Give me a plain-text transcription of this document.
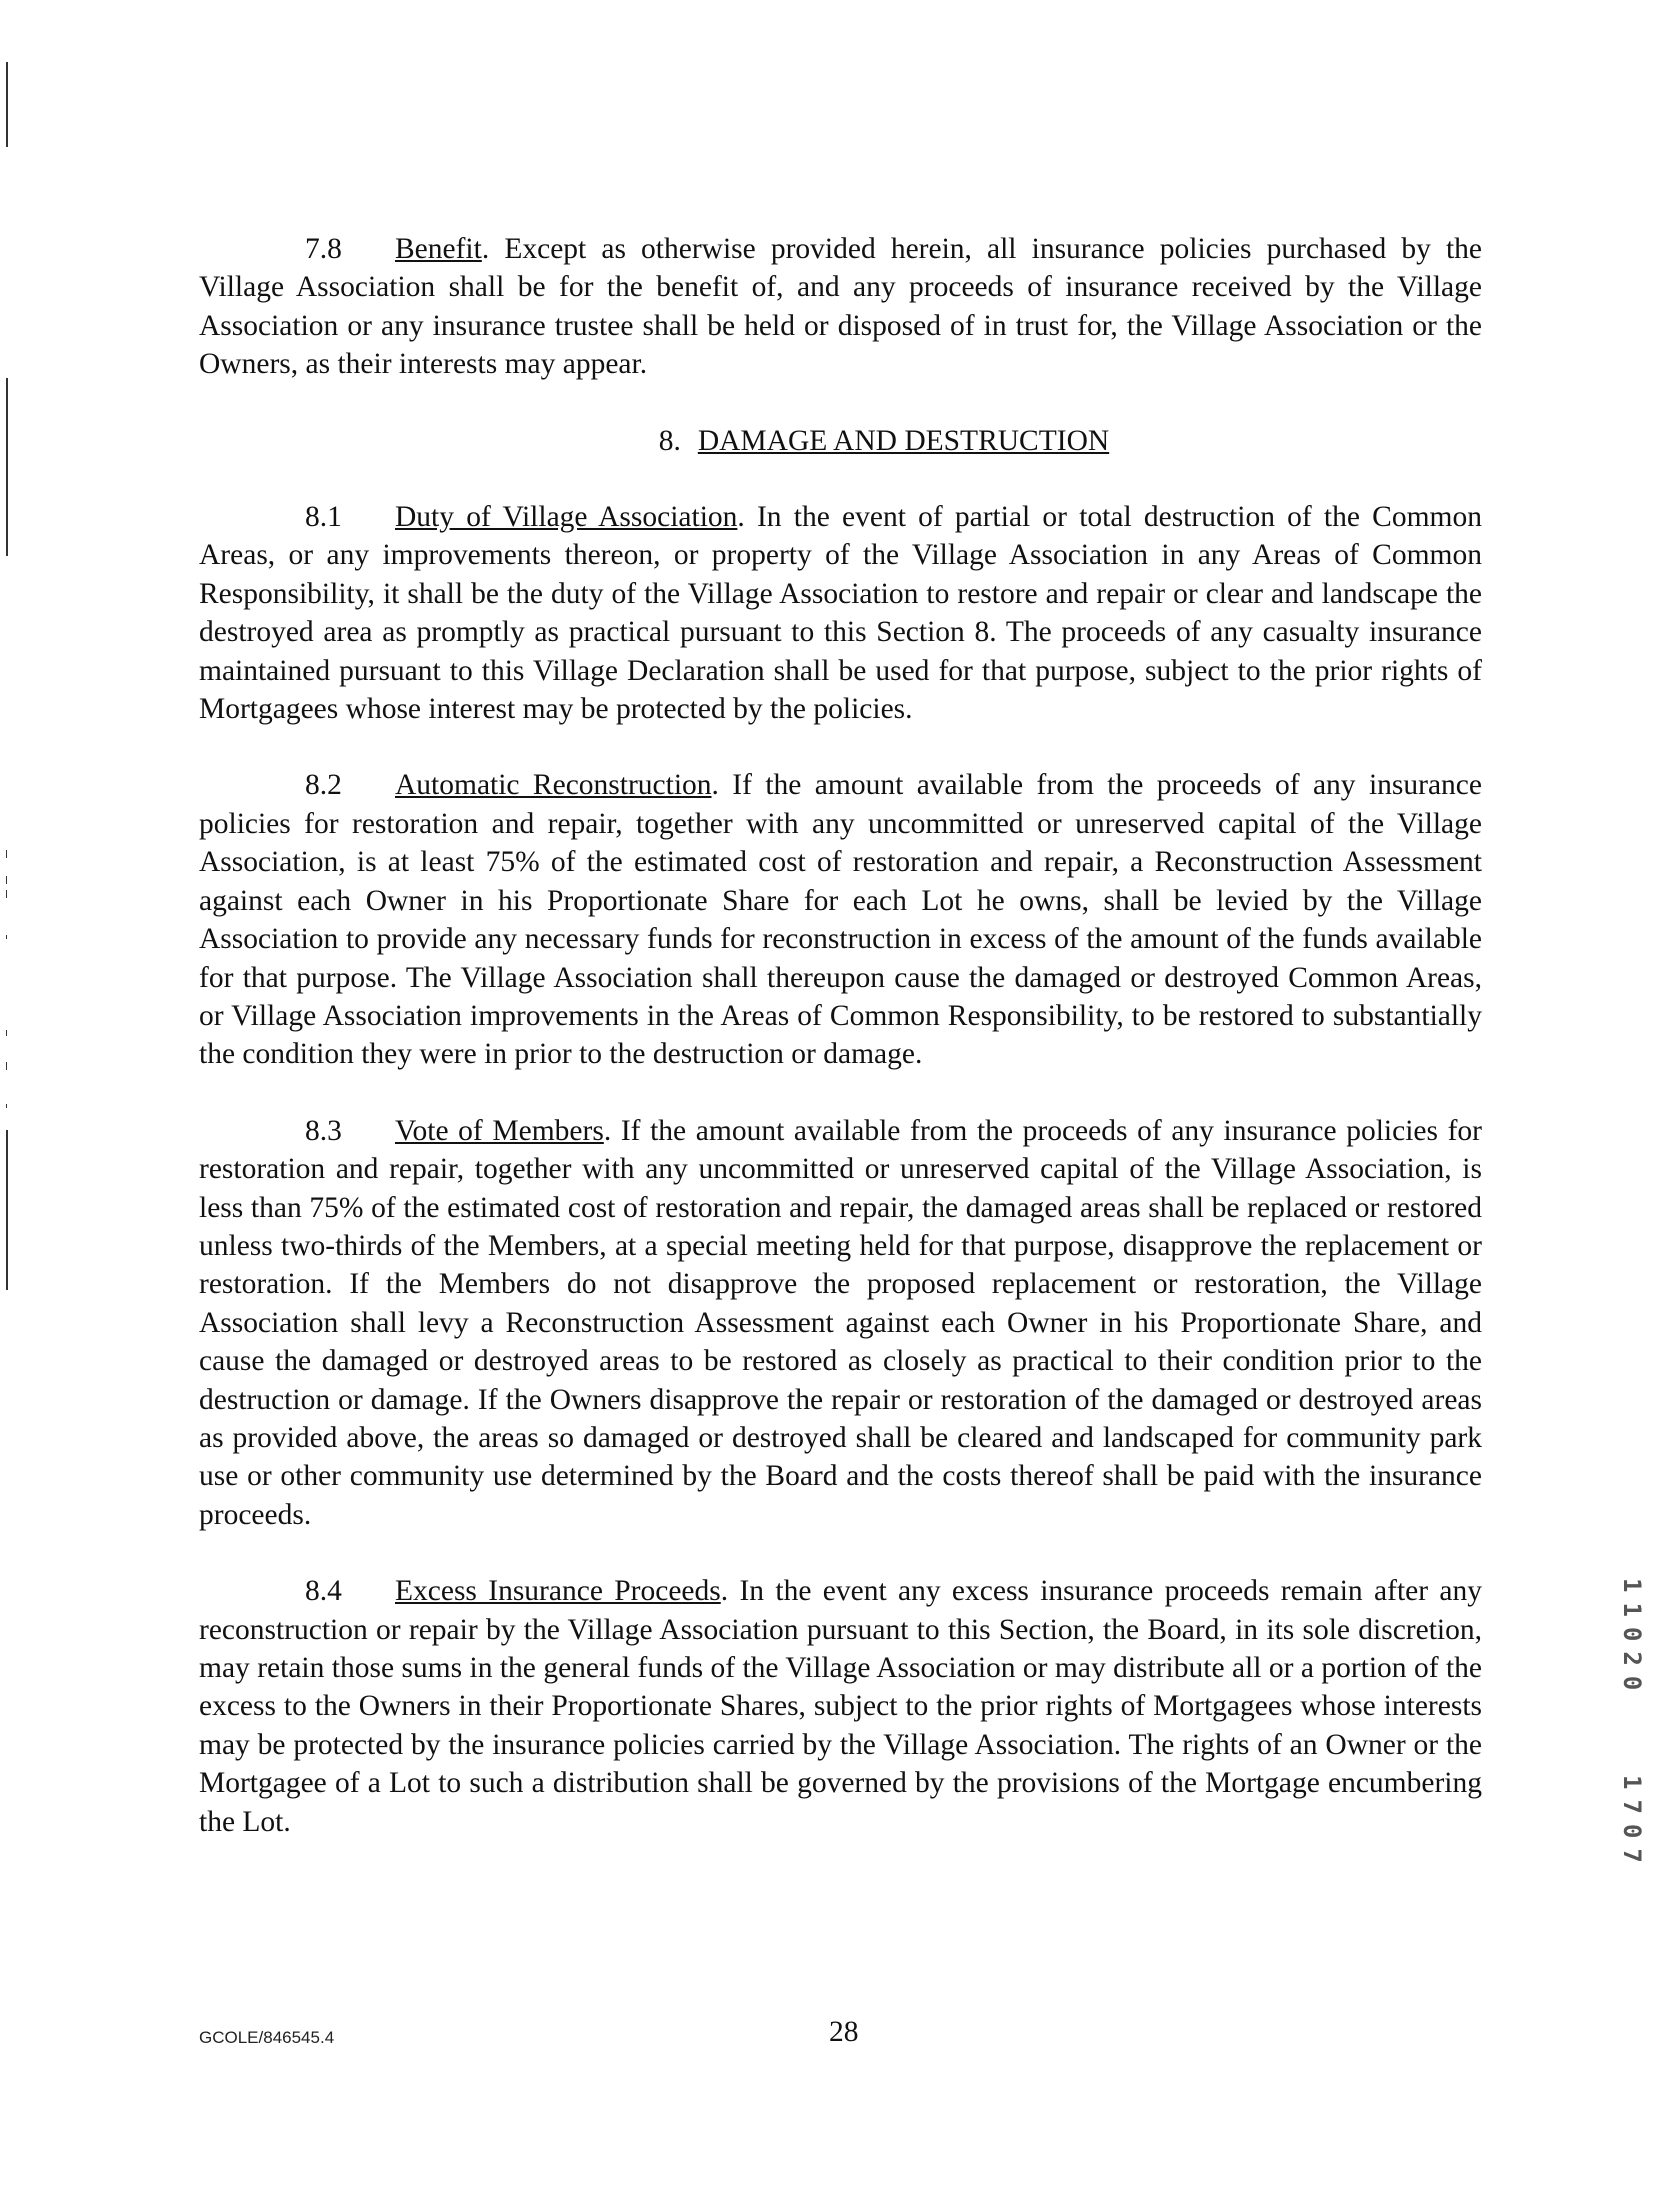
7.8 Benefit. Except as otherwise provided herein, all insurance policies purchased by the Village Association shall be for the benefit of, and any proceeds of insurance received by the Village Association or any insurance trustee shall be held or disposed of in trust for, the Village Association or the Owners, as their interests may appear.

8. DAMAGE AND DESTRUCTION

8.1 Duty of Village Association. In the event of partial or total destruction of the Common Areas, or any improvements thereon, or property of the Village Association in any Areas of Common Responsibility, it shall be the duty of the Village Association to restore and repair or clear and landscape the destroyed area as promptly as practical pursuant to this Section 8. The proceeds of any casualty insurance maintained pursuant to this Village Declaration shall be used for that purpose, subject to the prior rights of Mortgagees whose interest may be protected by the policies.

8.2 Automatic Reconstruction. If the amount available from the proceeds of any insurance policies for restoration and repair, together with any uncommitted or unreserved capital of the Village Association, is at least 75% of the estimated cost of restoration and repair, a Reconstruction Assessment against each Owner in his Proportionate Share for each Lot he owns, shall be levied by the Village Association to provide any necessary funds for reconstruction in excess of the amount of the funds available for that purpose. The Village Association shall thereupon cause the damaged or destroyed Common Areas, or Village Association improvements in the Areas of Common Responsibility, to be restored to substantially the condition they were in prior to the destruction or damage.

8.3 Vote of Members. If the amount available from the proceeds of any insurance policies for restoration and repair, together with any uncommitted or unreserved capital of the Village Association, is less than 75% of the estimated cost of restoration and repair, the damaged areas shall be replaced or restored unless two-thirds of the Members, at a special meeting held for that purpose, disapprove the replacement or restoration. If the Members do not disapprove the proposed replacement or restoration, the Village Association shall levy a Reconstruction Assessment against each Owner in his Proportionate Share, and cause the damaged or destroyed areas to be restored as closely as practical to their condition prior to the destruction or damage. If the Owners disapprove the repair or restoration of the damaged or destroyed areas as provided above, the areas so damaged or destroyed shall be cleared and landscaped for community park use or other community use determined by the Board and the costs thereof shall be paid with the insurance proceeds.

8.4 Excess Insurance Proceeds. In the event any excess insurance proceeds remain after any reconstruction or repair by the Village Association pursuant to this Section, the Board, in its sole discretion, may retain those sums in the general funds of the Village Association or may distribute all or a portion of the excess to the Owners in their Proportionate Shares, subject to the prior rights of Mortgagees whose interests may be protected by the insurance policies carried by the Village Association. The rights of an Owner or the Mortgagee of a Lot to such a distribution shall be governed by the provisions of the Mortgage encumbering the Lot.

11020
1707
GCOLE/846545.4	28
